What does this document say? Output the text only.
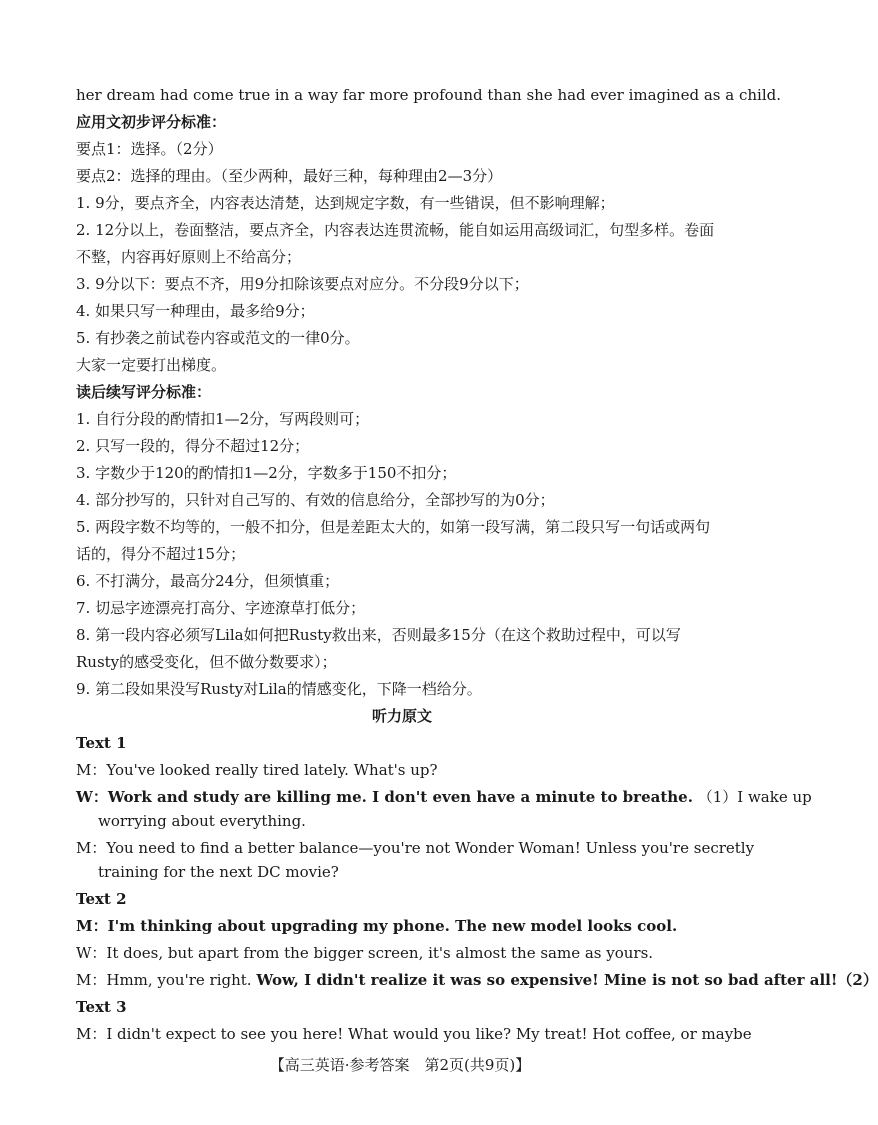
her dream had come true in a way far more profound than she had ever imagined as a child.
应用文初步评分标准：
要点1：选择。（2分）
要点2：选择的理由。（至少两种，最好三种，每种理由2—3分）
1. 9分，要点齐全，内容表达清楚，达到规定字数，有一些错误，但不影响理解；
2. 12分以上，卷面整洁，要点齐全，内容表达连贯流畅，能自如运用高级词汇，句型多样。卷面
不整，内容再好原则上不给高分；
3. 9分以下：要点不齐，用9分扣除该要点对应分。不分段9分以下；
4. 如果只写一种理由，最多给9分；
5. 有抄袭之前试卷内容或范文的一律0分。
大家一定要打出梯度。
读后续写评分标准：
1. 自行分段的酌情扣1—2分，写两段则可；
2. 只写一段的，得分不超过12分；
3. 字数少于120的酌情扣1—2分，字数多于150不扣分；
4. 部分抄写的，只针对自己写的、有效的信息给分，全部抄写的为0分；
5. 两段字数不均等的，一般不扣分，但是差距太大的，如第一段写满，第二段只写一句话或两句
话的，得分不超过15分；
6. 不打满分，最高分24分，但须慎重；
7. 切忌字迹漂亮打高分、字迹潦草打低分；
8. 第一段内容必须写Lila如何把Rusty救出来，否则最多15分（在这个救助过程中，可以写
Rusty的感受变化，但不做分数要求）；
9. 第二段如果没写Rusty对Lila的情感变化，下降一档给分。
听力原文
Text 1
M：You've looked really tired lately. What's up?
W：Work and study are killing me. I don't even have a minute to breathe. （1）I wake up
worrying about everything.
M：You need to find a better balance—you're not Wonder Woman! Unless you're secretly
training for the next DC movie?
Text 2
M：I'm thinking about upgrading my phone. The new model looks cool.
W：It does, but apart from the bigger screen, it's almost the same as yours.
M：Hmm, you're right. Wow, I didn't realize it was so expensive! Mine is not so bad after all!（2）
Text 3
M：I didn't expect to see you here! What would you like? My treat! Hot coffee, or maybe
【高三英语·参考答案　第2页(共9页)】
